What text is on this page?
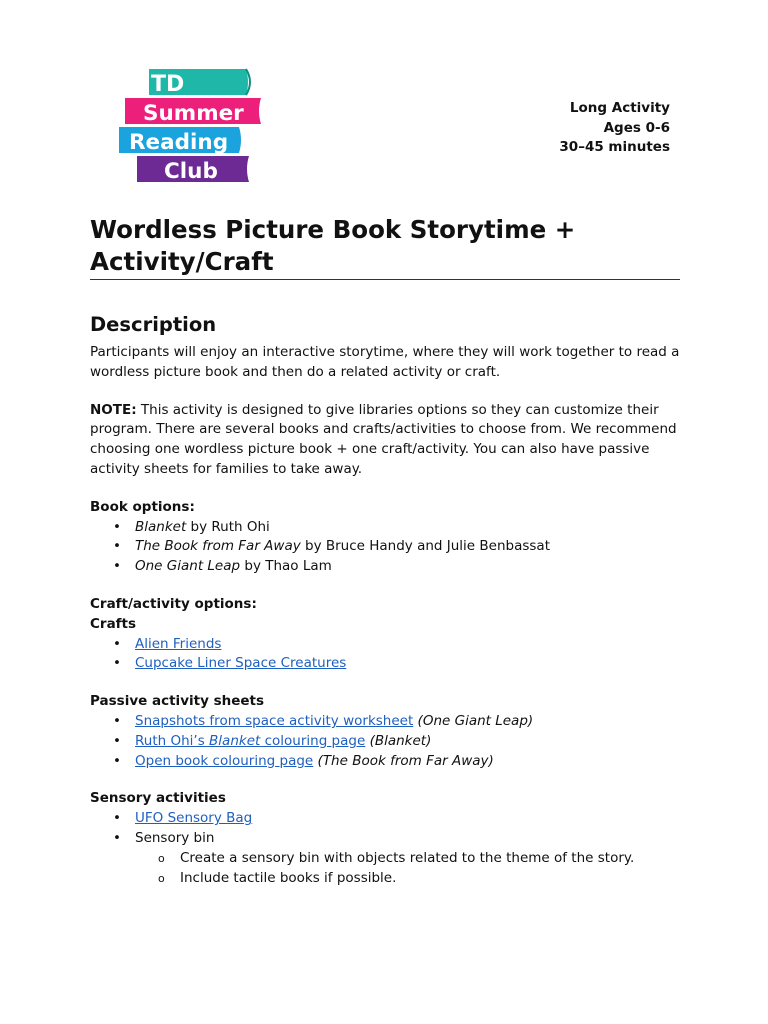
TD
Summer
Reading
Club
Long Activity
Ages 0-6
30–45 minutes
Wordless Picture Book Storytime + Activity/Craft
Description

Participants will enjoy an interactive storytime, where they will work together to read a wordless picture book and then do a related activity or craft.

NOTE: This activity is designed to give libraries options so they can customize their program. There are several books and crafts/activities to choose from. We recommend choosing one wordless picture book + one craft/activity. You can also have passive activity sheets for families to take away.

Book options:
• Blanket by Ruth Ohi
• The Book from Far Away by Bruce Handy and Julie Benbassat
• One Giant Leap by Thao Lam
Craft/activity options:
Crafts
• Alien Friends
• Cupcake Liner Space Creatures
Passive activity sheets
• Snapshots from space activity worksheet (One Giant Leap)
• Ruth Ohi’s Blanket colouring page (Blanket)
• Open book colouring page (The Book from Far Away)
Sensory activities
• UFO Sensory Bag
• Sensory bin
o Create a sensory bin with objects related to the theme of the story.
o Include tactile books if possible.
